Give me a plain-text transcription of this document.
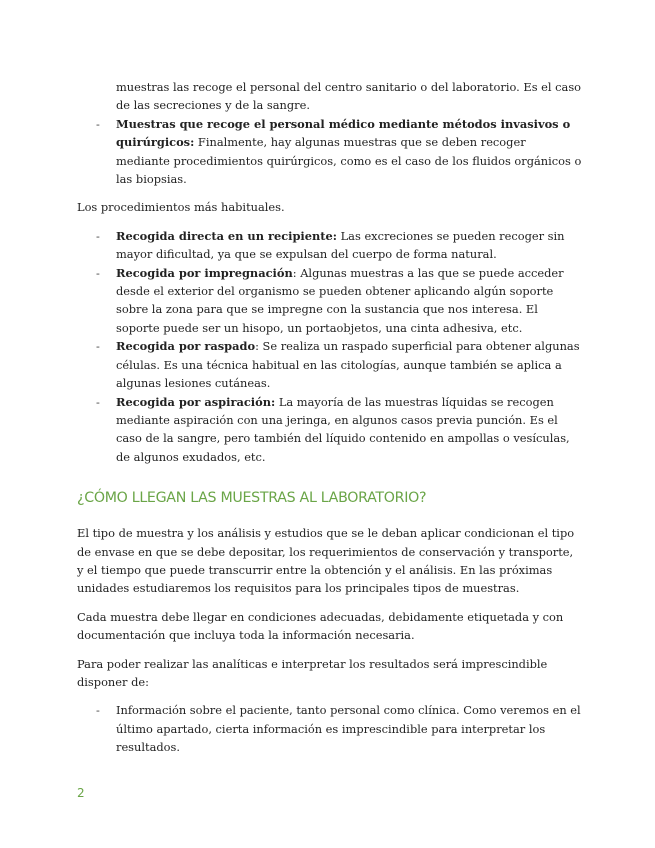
muestras las recoge el personal del centro sanitario o del laboratorio. Es el caso de las secreciones y de la sangre.

- Muestras que recoge el personal médico mediante métodos invasivos o quirúrgicos: Finalmente, hay algunas muestras que se deben recoger mediante procedimientos quirúrgicos, como es el caso de los fluidos orgánicos o las biopsias.

Los procedimientos más habituales.

- Recogida directa en un recipiente: Las excreciones se pueden recoger sin mayor dificultad, ya que se expulsan del cuerpo de forma natural.
- Recogida por impregnación: Algunas muestras a las que se puede acceder desde el exterior del organismo se pueden obtener aplicando algún soporte sobre la zona para que se impregne con la sustancia que nos interesa. El soporte puede ser un hisopo, un portaobjetos, una cinta adhesiva, etc.
- Recogida por raspado: Se realiza un raspado superficial para obtener algunas células. Es una técnica habitual en las citologías, aunque también se aplica a algunas lesiones cutáneas.
- Recogida por aspiración: La mayoría de las muestras líquidas se recogen mediante aspiración con una jeringa, en algunos casos previa punción. Es el caso de la sangre, pero también del líquido contenido en ampollas o vesículas, de algunos exudados, etc.
¿CÓMO LLEGAN LAS MUESTRAS AL LABORATORIO?

El tipo de muestra y los análisis y estudios que se le deban aplicar condicionan el tipo de envase en que se debe depositar, los requerimientos de conservación y transporte, y el tiempo que puede transcurrir entre la obtención y el análisis. En las próximas unidades estudiaremos los requisitos para los principales tipos de muestras.

Cada muestra debe llegar en condiciones adecuadas, debidamente etiquetada y con documentación que incluya toda la información necesaria.

Para poder realizar las analíticas e interpretar los resultados será imprescindible disponer de:

- Información sobre el paciente, tanto personal como clínica. Como veremos en el último apartado, cierta información es imprescindible para interpretar los resultados.
2
